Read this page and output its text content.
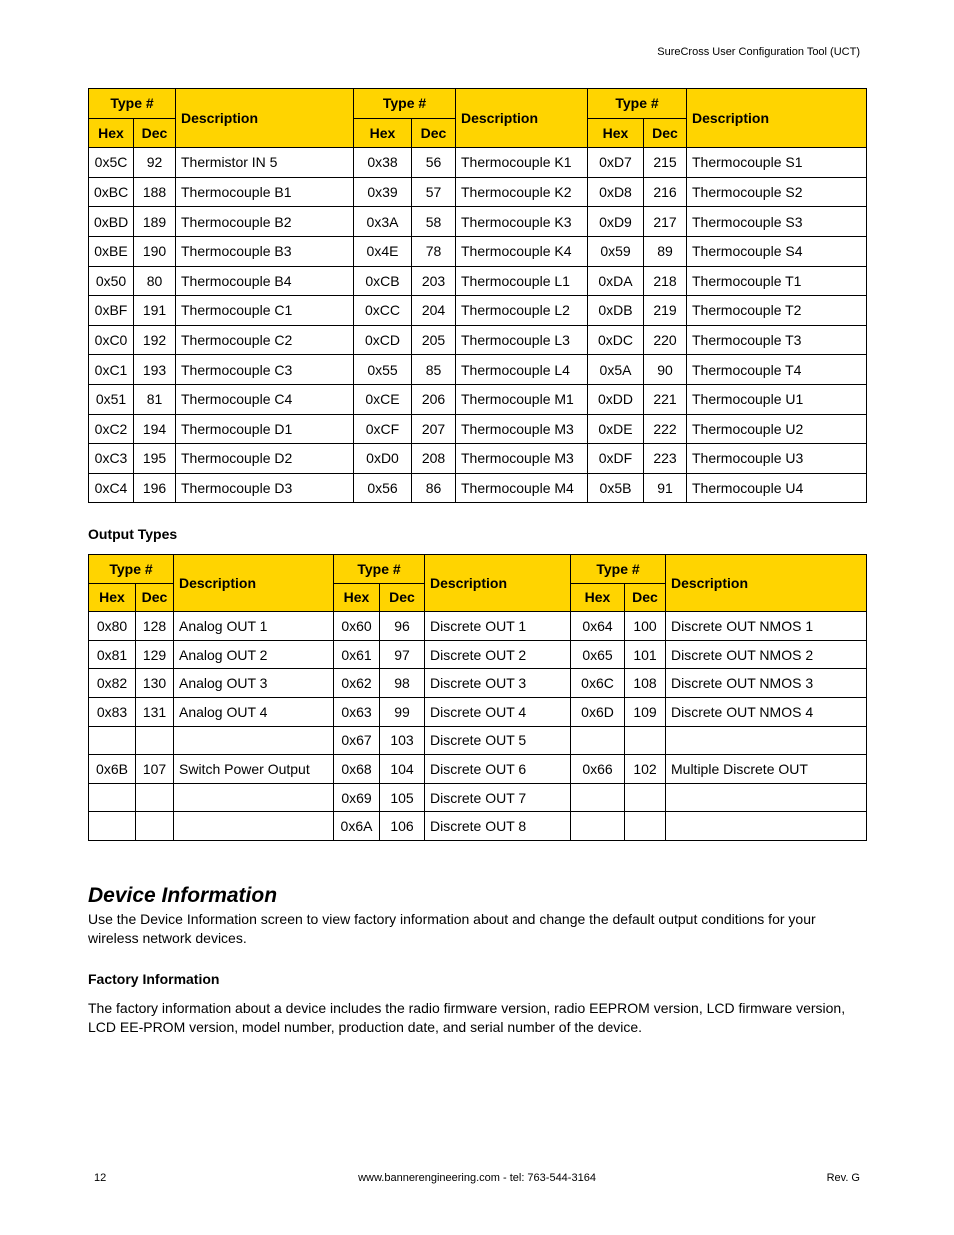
SureCross User Configuration Tool (UCT)
Type #		Description	Type #		Description	Type #		Description
Hex	Dec		Hex	Dec		Hex	Dec	
0x5C	92	Thermistor IN 5	0x38	56	Thermocouple K1	0xD7	215	Thermocouple S1
0xBC	188	Thermocouple B1	0x39	57	Thermocouple K2	0xD8	216	Thermocouple S2
0xBD	189	Thermocouple B2	0x3A	58	Thermocouple K3	0xD9	217	Thermocouple S3
0xBE	190	Thermocouple B3	0x4E	78	Thermocouple K4	0x59	89	Thermocouple S4
0x50	80	Thermocouple B4	0xCB	203	Thermocouple L1	0xDA	218	Thermocouple T1
0xBF	191	Thermocouple C1	0xCC	204	Thermocouple L2	0xDB	219	Thermocouple T2
0xC0	192	Thermocouple C2	0xCD	205	Thermocouple L3	0xDC	220	Thermocouple T3
0xC1	193	Thermocouple C3	0x55	85	Thermocouple L4	0x5A	90	Thermocouple T4
0x51	81	Thermocouple C4	0xCE	206	Thermocouple M1	0xDD	221	Thermocouple U1
0xC2	194	Thermocouple D1	0xCF	207	Thermocouple M3	0xDE	222	Thermocouple U2
0xC3	195	Thermocouple D2	0xD0	208	Thermocouple M3	0xDF	223	Thermocouple U3
0xC4	196	Thermocouple D3	0x56	86	Thermocouple M4	0x5B	91	Thermocouple U4
Output Types
Type #		Description	Type #		Description	Type #		Description
Hex	Dec		Hex	Dec		Hex	Dec	
0x80	128	Analog OUT 1	0x60	96	Discrete OUT 1	0x64	100	Discrete OUT NMOS 1
0x81	129	Analog OUT 2	0x61	97	Discrete OUT 2	0x65	101	Discrete OUT NMOS 2
0x82	130	Analog OUT 3	0x62	98	Discrete OUT 3	0x6C	108	Discrete OUT NMOS 3
0x83	131	Analog OUT 4	0x63	99	Discrete OUT 4	0x6D	109	Discrete OUT NMOS 4
			0x67	103	Discrete OUT 5			
0x6B	107	Switch Power Output	0x68	104	Discrete OUT 6	0x66	102	Multiple Discrete OUT
			0x69	105	Discrete OUT 7			
			0x6A	106	Discrete OUT 8			
Device Information
Use the Device Information screen to view factory information about and change the default output conditions for your wireless network devices.
Factory Information
The factory information about a device includes the radio firmware version, radio EEPROM version, LCD firmware version, LCD EE-PROM version, model number, production date, and serial number of the device.
12	www.bannerengineering.com - tel: 763-544-3164	Rev. G
